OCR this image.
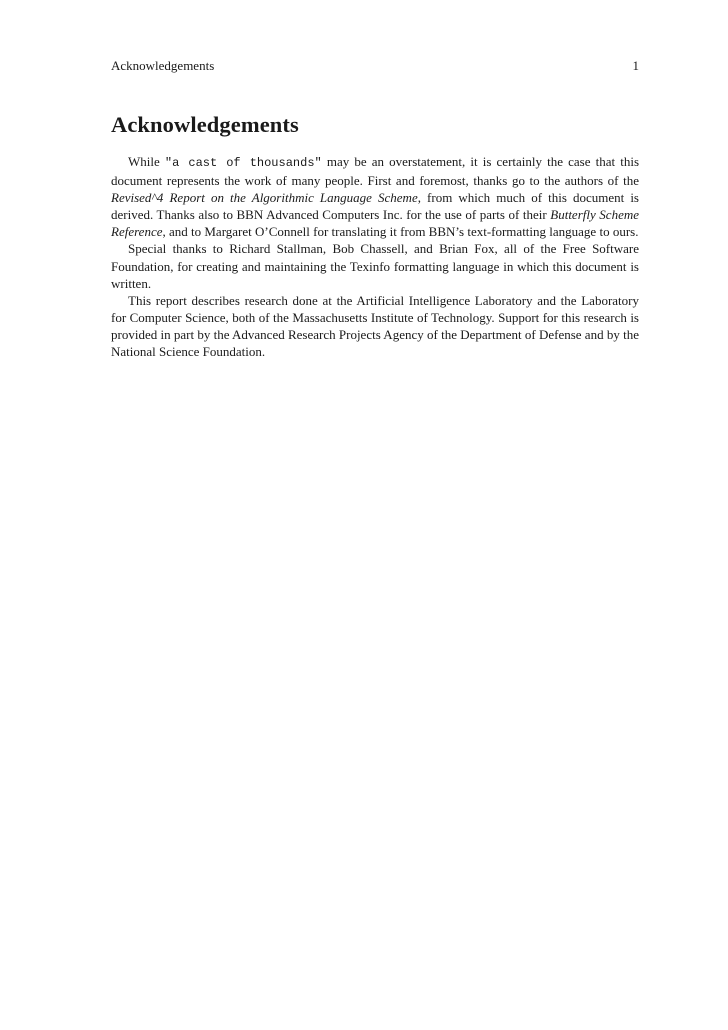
Acknowledgements	1
Acknowledgements

While "a cast of thousands" may be an overstatement, it is certainly the case that this document represents the work of many people. First and foremost, thanks go to the authors of the Revised^4 Report on the Algorithmic Language Scheme, from which much of this document is derived. Thanks also to BBN Advanced Computers Inc. for the use of parts of their Butterfly Scheme Reference, and to Margaret O’Connell for translating it from BBN’s text-formatting language to ours.

Special thanks to Richard Stallman, Bob Chassell, and Brian Fox, all of the Free Software Foundation, for creating and maintaining the Texinfo formatting language in which this document is written.

This report describes research done at the Artificial Intelligence Laboratory and the Laboratory for Computer Science, both of the Massachusetts Institute of Technology. Support for this research is provided in part by the Advanced Research Projects Agency of the Department of Defense and by the National Science Foundation.
